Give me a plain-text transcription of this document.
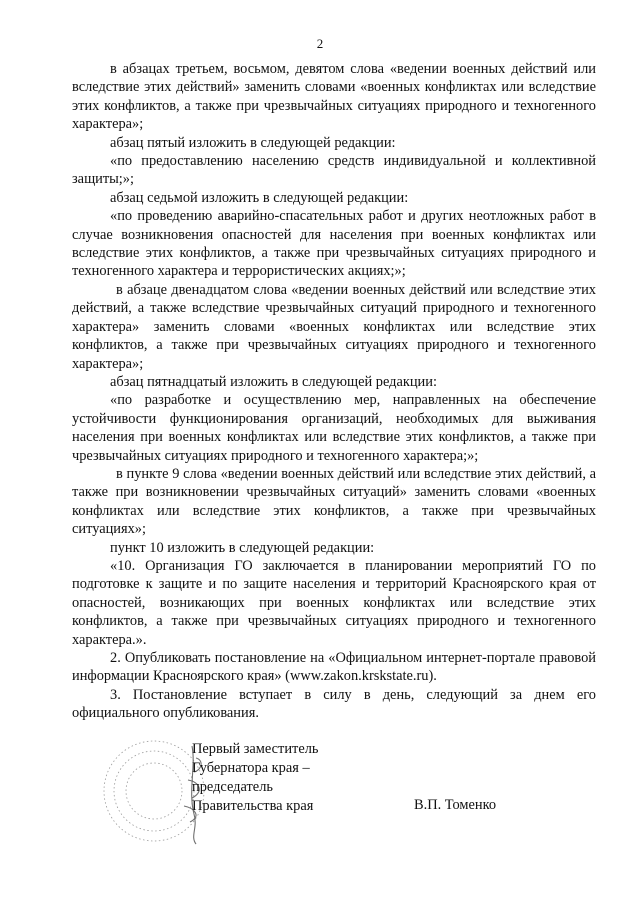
2

в абзацах третьем, восьмом, девятом слова «ведении военных действий или вследствие этих действий» заменить словами «военных конфликтах или вследствие этих конфликтов, а также при чрезвычайных ситуациях природного и техногенного характера»;

абзац пятый изложить в следующей редакции:

«по предоставлению населению средств индивидуальной и коллективной защиты;»;

абзац седьмой изложить в следующей редакции:

«по проведению аварийно-спасательных работ и других неотложных работ в случае возникновения опасностей для населения при военных конфликтах или вследствие этих конфликтов, а также при чрезвычайных ситуациях природного и техногенного характера и террористических акциях;»;

в абзаце двенадцатом слова «ведении военных действий или вследствие этих действий, а также вследствие чрезвычайных ситуаций природного и техногенного характера» заменить словами «военных конфликтах или вследствие этих конфликтов, а также при чрезвычайных ситуациях природного и техногенного характера»;

абзац пятнадцатый изложить в следующей редакции:

«по разработке и осуществлению мер, направленных на обеспечение устойчивости функционирования организаций, необходимых для выживания населения при военных конфликтах или вследствие этих конфликтов, а также при чрезвычайных ситуациях природного и техногенного характера;»;

в пункте 9 слова «ведении военных действий или вследствие этих действий, а также при возникновении чрезвычайных ситуаций» заменить словами «военных конфликтах или вследствие этих конфликтов, а также при чрезвычайных ситуациях»;

пункт 10 изложить в следующей редакции:

«10. Организация ГО заключается в планировании мероприятий ГО по подготовке к защите и по защите населения и территорий Красноярского края от опасностей, возникающих при военных конфликтах или вследствие этих конфликтов, а также при чрезвычайных ситуациях природного и техногенного характера.».

2. Опубликовать постановление на «Официальном интернет-портале правовой информации Красноярского края» (www.zakon.krskstate.ru).

3. Постановление вступает в силу в день, следующий за днем его официального опубликования.

Первый заместитель
Губернатора края –
председатель
Правительства края	В.П. Томенко
